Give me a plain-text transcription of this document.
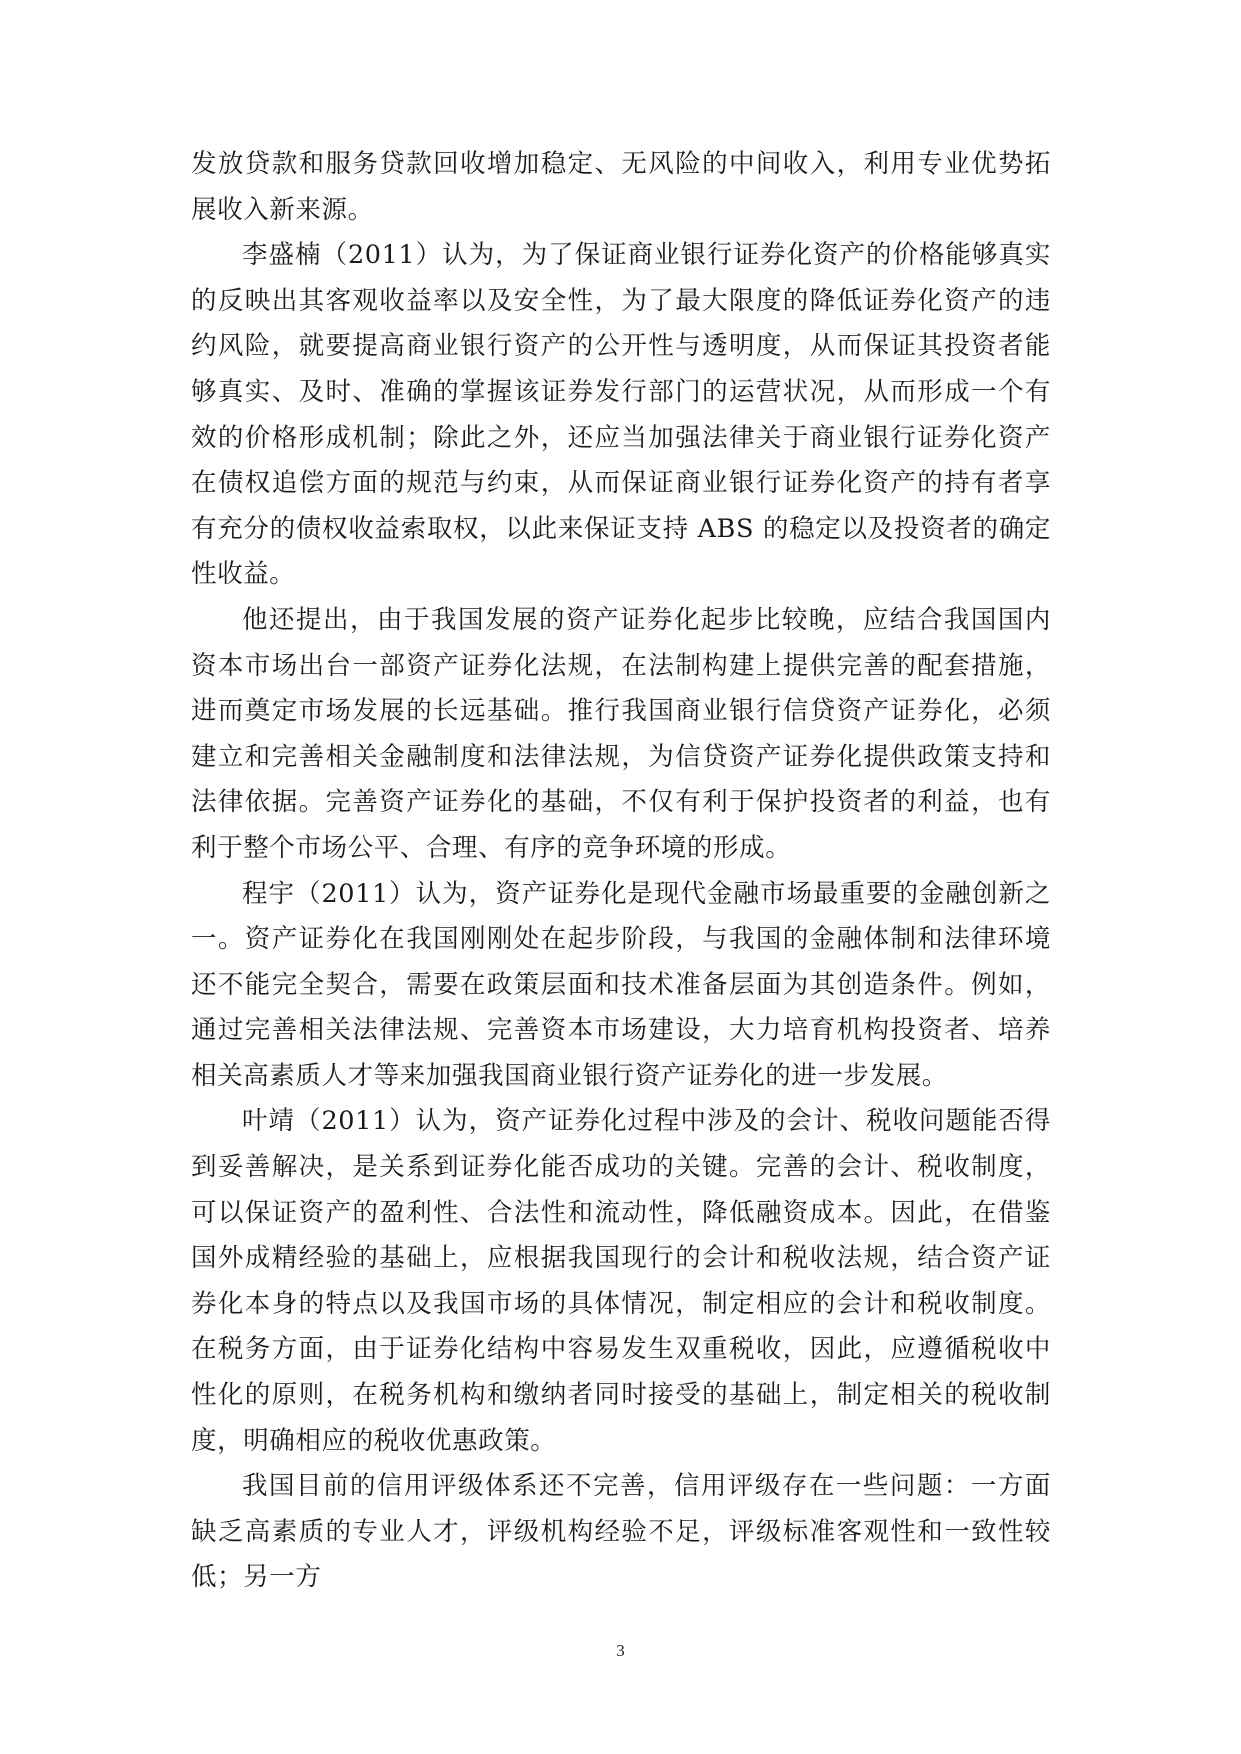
发放贷款和服务贷款回收增加稳定、无风险的中间收入，利用专业优势拓展收入新来源。

李盛楠（2011）认为，为了保证商业银行证券化资产的价格能够真实的反映出其客观收益率以及安全性，为了最大限度的降低证券化资产的违约风险，就要提高商业银行资产的公开性与透明度，从而保证其投资者能够真实、及时、准确的掌握该证券发行部门的运营状况，从而形成一个有效的价格形成机制；除此之外，还应当加强法律关于商业银行证券化资产在债权追偿方面的规范与约束，从而保证商业银行证券化资产的持有者享有充分的债权收益索取权，以此来保证支持 ABS 的稳定以及投资者的确定性收益。

他还提出，由于我国发展的资产证券化起步比较晚，应结合我国国内资本市场出台一部资产证券化法规，在法制构建上提供完善的配套措施，进而奠定市场发展的长远基础。推行我国商业银行信贷资产证券化，必须建立和完善相关金融制度和法律法规，为信贷资产证券化提供政策支持和法律依据。完善资产证券化的基础，不仅有利于保护投资者的利益，也有利于整个市场公平、合理、有序的竞争环境的形成。

程宇（2011）认为，资产证券化是现代金融市场最重要的金融创新之一。资产证券化在我国刚刚处在起步阶段，与我国的金融体制和法律环境还不能完全契合，需要在政策层面和技术准备层面为其创造条件。例如，通过完善相关法律法规、完善资本市场建设，大力培育机构投资者、培养相关高素质人才等来加强我国商业银行资产证券化的进一步发展。

叶靖（2011）认为，资产证券化过程中涉及的会计、税收问题能否得到妥善解决，是关系到证券化能否成功的关键。完善的会计、税收制度，可以保证资产的盈利性、合法性和流动性，降低融资成本。因此，在借鉴国外成精经验的基础上，应根据我国现行的会计和税收法规，结合资产证券化本身的特点以及我国市场的具体情况，制定相应的会计和税收制度。在税务方面，由于证券化结构中容易发生双重税收，因此，应遵循税收中性化的原则，在税务机构和缴纳者同时接受的基础上，制定相关的税收制度，明确相应的税收优惠政策。

我国目前的信用评级体系还不完善，信用评级存在一些问题：一方面缺乏高素质的专业人才，评级机构经验不足，评级标准客观性和一致性较低；另一方

3
